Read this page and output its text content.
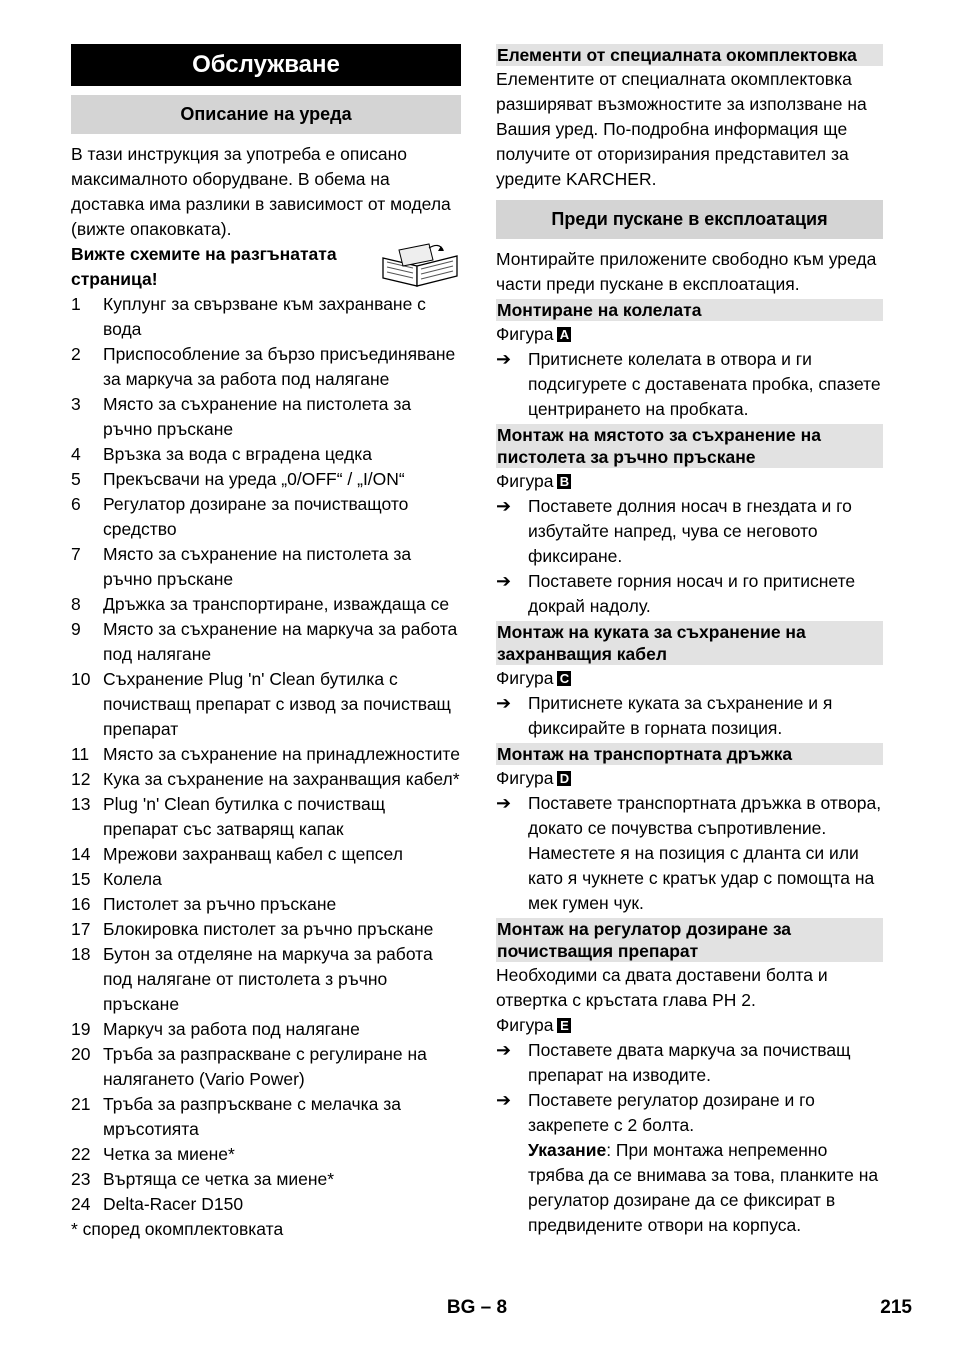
Обслужване
Описание на уреда

В тази инструкция за употреба е описано максималното оборудване. В обема на доставка има разлики в зависимост от модела (вижте опаковката).

Вижте схемите на разгънатата страница!

1	Куплунг за свързване към захранване с вода
2	Приспособление за бързо присъединяване за маркуча за работа под налягане
3	Място за съхранение на пистолета за ръчно пръскане
4	Връзка за вода с вградена цедка
5	Прекъсвачи на уреда „0/OFF“ / „I/ON“
6	Регулатор дозиране за почистващото средство
7	Място за съхранение на пистолета за ръчно пръскане
8	Дръжка за транспортиране, изваждаща се
9	Място за съхранение на маркуча за работа под налягане
10 Съхранение Plug 'n' Clean бутилка с почистващ препарат с извод за почистващ препарат
11 Място за съхранение на принадлежностите
12 Кука за съхранение на захранващия кабел*
13 Plug 'n' Clean бутилка с почистващ препарат със затварящ капак
14 Мрежови захранващ кабел с щепсел
15 Колела
16 Пистолет за ръчно пръскане
17 Блокировка пистолет за ръчно пръскане
18 Бутон за отделяне на маркуча за работа под налягане от пистолета з ръчно пръскане
19 Маркуч за работа под налягане
20 Тръба за разпраскване с регулиране на налягането (Vario Power)
21 Тръба за разпръскване с мелачка за мръсотията
22 Четка за миене*
23 Въртяща се четка за миене*
24 Delta-Racer D150

* според окомплектовката

Елементи от специалната окомплектовка

Елементите от специалната окомплектовка разширяват възможностите за използване на Вашия уред. По-подробна информация ще получите от оторизирания представител за уредите KARCHER.

Преди пускане в експлоатация

Монтирайте приложените свободно към уреда части преди пускане в експлоатация.

Монтиране на колелата

Фигура A

➔ Притиснете колелата в отвора и ги подсигурете с доставената пробка, спазете центрирането на пробката.
Монтаж на мястото за съхранение на пистолета за ръчно пръскане

Фигура B

➔ Поставете долния носач в гнездата и го избутайте напред, чува се неговото фиксиране.
➔ Поставете горния носач и го притиснете докрай надолу.
Монтаж на куката за съхранение на захранващия кабел

Фигура C

➔ Притиснете куката за съхранение и я фиксирайте в горната позиция.
Монтаж на транспортната дръжка

Фигура D

➔ Поставете транспортната дръжка в отвора, докато се почувства съпротивление. Наместете я на позиция с дланта си или като я чукнете с кратък удар с помощта на мек гумен чук.
Монтаж на регулатор дозиране за почистващия препарат

Необходими са двата доставени болта и отвертка с кръстата глава PH 2.

Фигура E

➔ Поставете двата маркуча за почистващ препарат на изводите.
➔ Поставете регулатор дозиране и го закрепете с 2 болта.
Указание: При монтажа непременно трябва да се внимава за това, планките на регулатор дозиране да се фиксират в предвидените отвори на корпуса.
BG – 8	215
